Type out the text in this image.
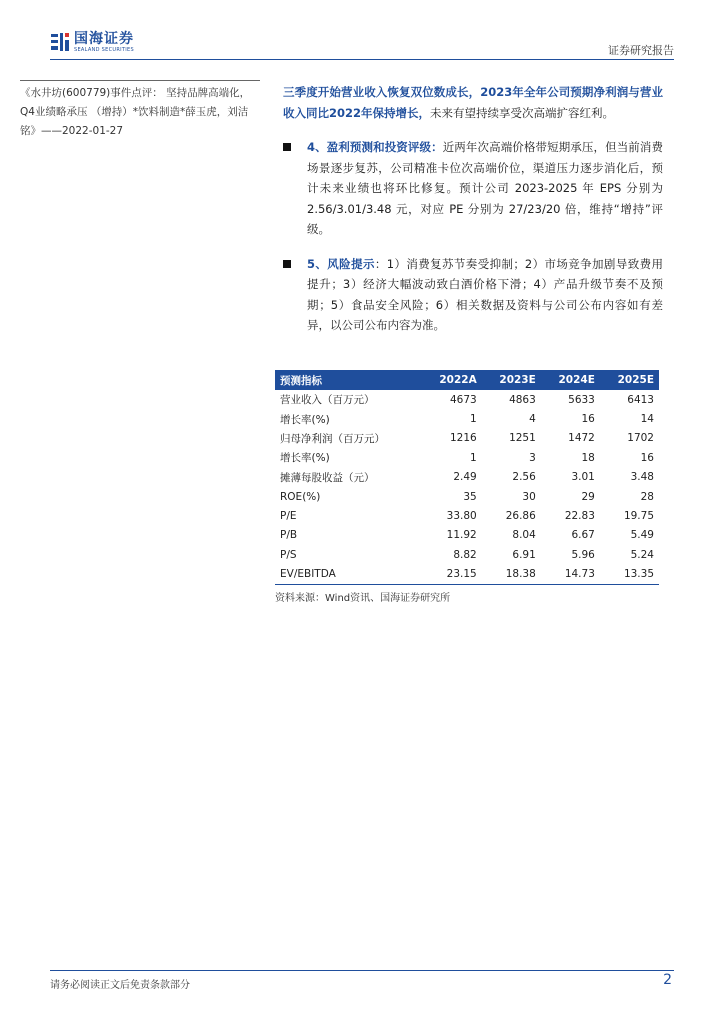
国海证券
SEALAND SECURITIES	证券研究报告
《水井坊(600779)事件点评： 坚持品牌高端化，Q4业绩略承压 （增持）*饮料制造*薛玉虎，刘洁铭》——2022-01-27
三季度开始营业收入恢复双位数成长，2023年全年公司预期净利润与营业收入同比2022年保持增长，未来有望持续享受次高端扩容红利。
4、盈利预测和投资评级：近两年次高端价格带短期承压，但当前消费场景逐步复苏，公司精准卡位次高端价位，渠道压力逐步消化后，预计未来业绩也将环比修复。预计公司 2023-2025 年 EPS 分别为 2.56/3.01/3.48 元，对应 PE 分别为 27/23/20 倍，维持“增持”评级。
5、风险提示：1）消费复苏节奏受抑制；2）市场竞争加剧导致费用提升；3）经济大幅波动致白酒价格下滑；4）产品升级节奏不及预期；5）食品安全风险；6）相关数据及资料与公司公布内容如有差异，以公司公布内容为准。
预测指标	2022A	2023E	2024E	2025E
营业收入（百万元）	4673	4863	5633	6413
增长率(%)	1	4	16	14
归母净利润（百万元）	1216	1251	1472	1702
增长率(%)	1	3	18	16
摊薄每股收益（元）	2.49	2.56	3.01	3.48
ROE(%)	35	30	29	28
P/E	33.80	26.86	22.83	19.75
P/B	11.92	8.04	6.67	5.49
P/S	8.82	6.91	5.96	5.24
EV/EBITDA	23.15	18.38	14.73	13.35
资料来源：Wind资讯、国海证券研究所
请务必阅读正文后免责条款部分	2
